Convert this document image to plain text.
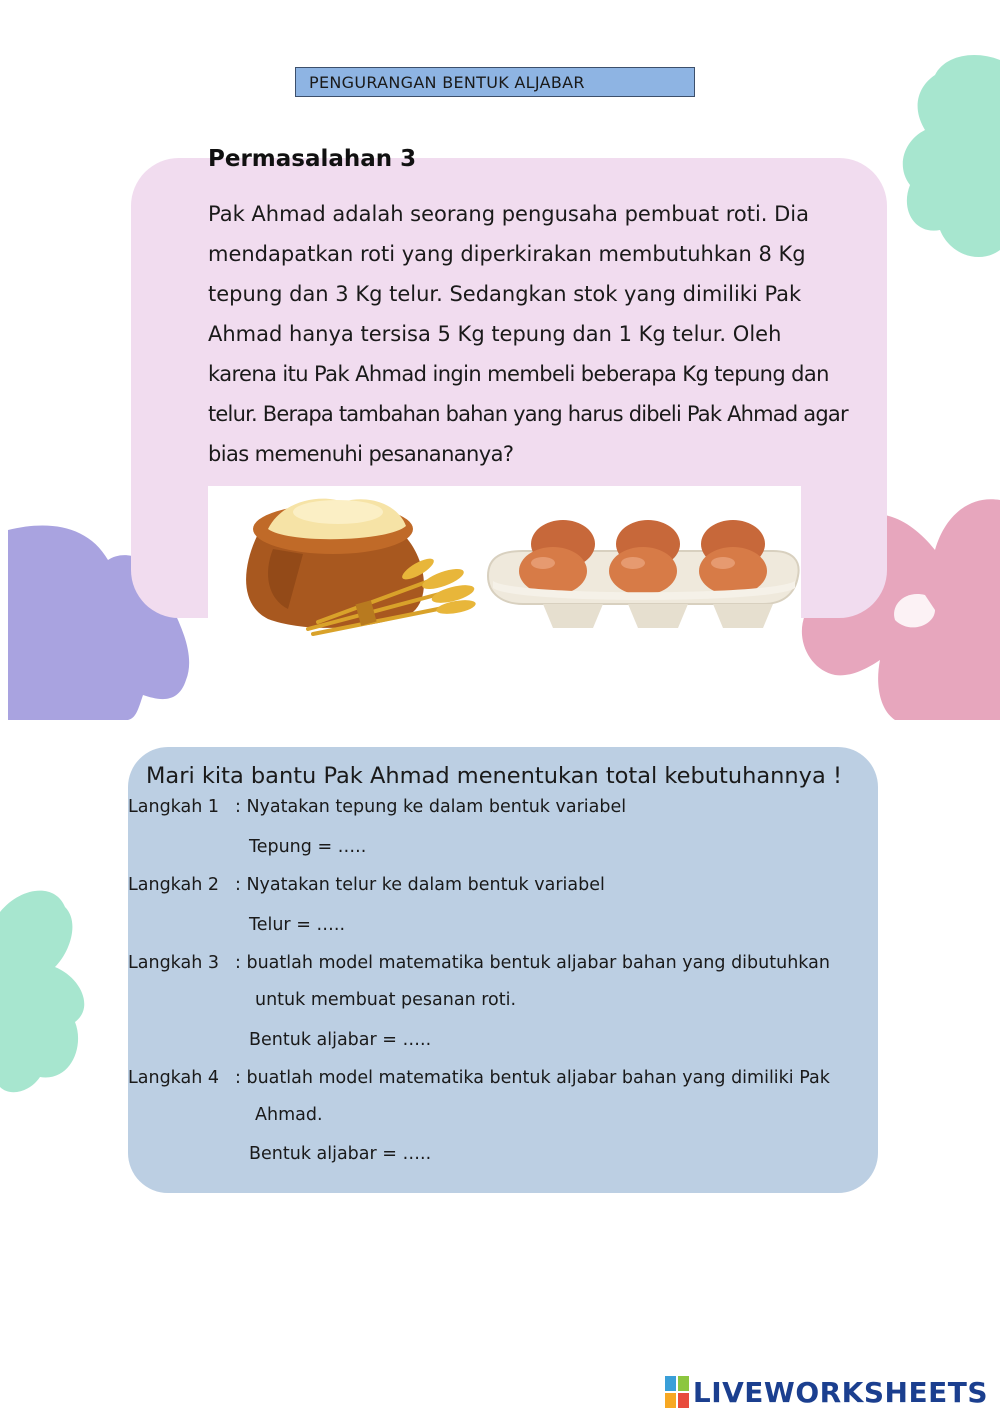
PENGURANGAN BENTUK ALJABAR
Permasalahan 3

Pak Ahmad adalah seorang pengusaha pembuat roti. Dia

mendapatkan roti yang diperkirakan membutuhkan 8 Kg

tepung dan 3 Kg telur. Sedangkan stok yang dimiliki Pak

Ahmad hanya tersisa 5 Kg tepung dan 1 Kg telur. Oleh

karena itu Pak Ahmad ingin membeli beberapa Kg tepung dan

telur. Berapa tambahan bahan yang harus dibeli Pak Ahmad agar

bias memenuhi pesanananya?

Mari kita bantu Pak Ahmad menentukan total kebutuhannya !
Langkah 1 : Nyatakan tepung ke dalam bentuk variabel
Tepung = …..
Langkah 2 : Nyatakan telur ke dalam bentuk variabel
Telur = …..
Langkah 3 : buatlah model matematika bentuk aljabar bahan yang dibutuhkan
untuk membuat pesanan roti.
Bentuk aljabar = …..
Langkah 4 : buatlah model matematika bentuk aljabar bahan yang dimiliki Pak
Ahmad.
Bentuk aljabar = …..
LIVEWORKSHEETS
